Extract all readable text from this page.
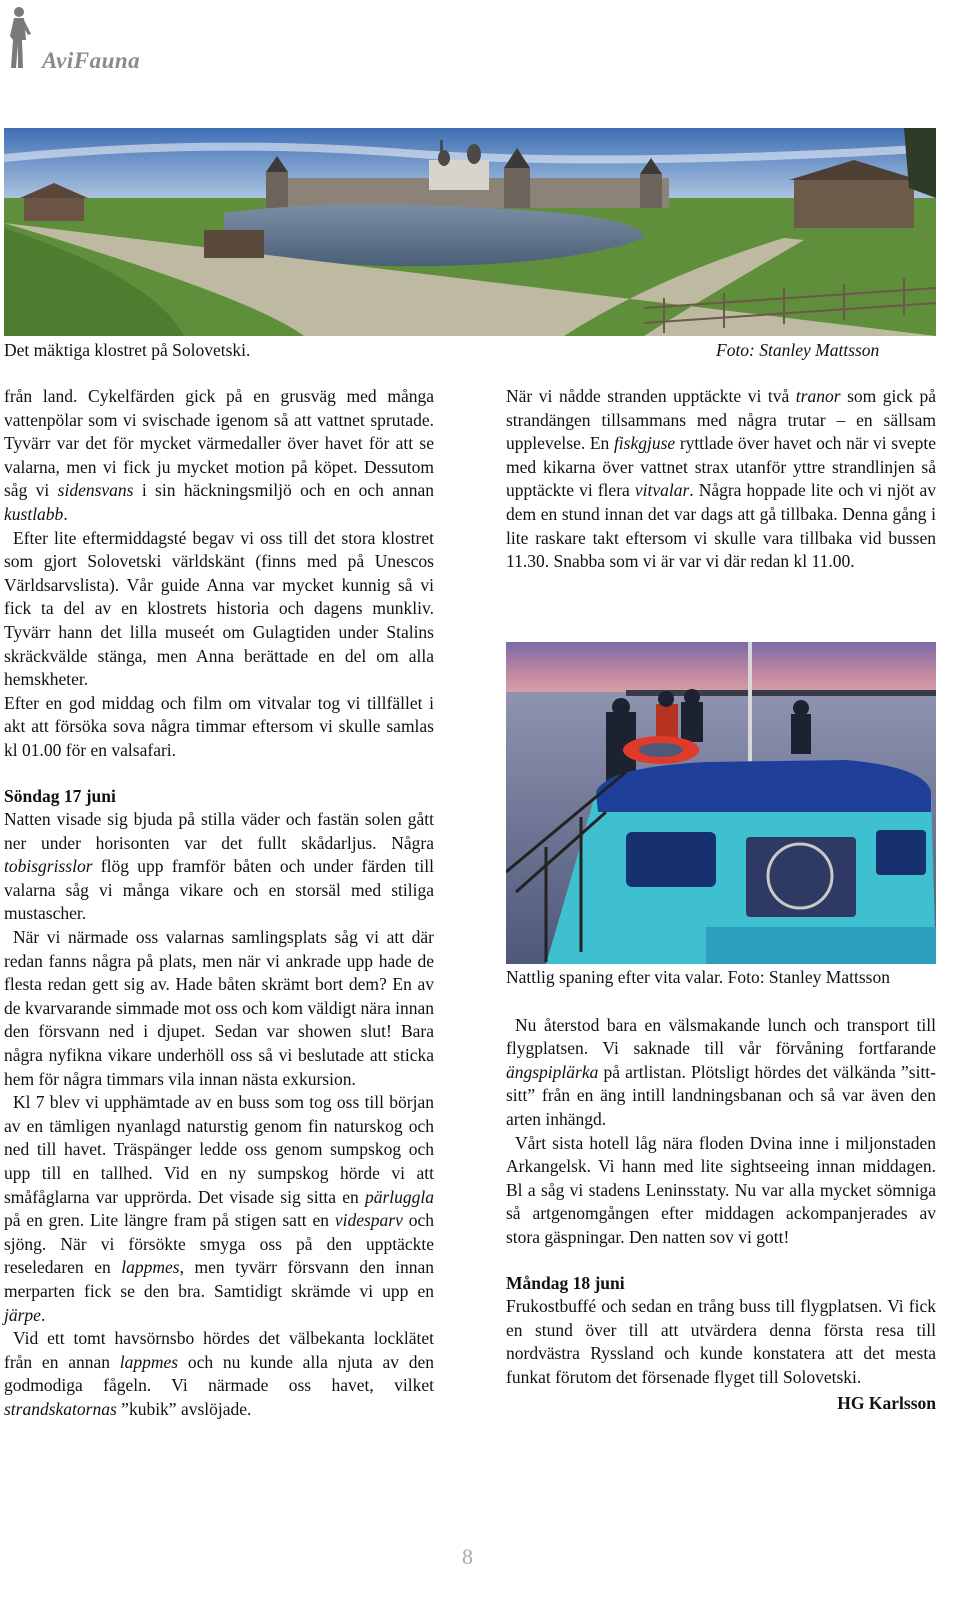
AviFauna
Det mäktiga klostret på Solovetski.	Foto: Stanley Mattsson

från land. Cykelfärden gick på en grusväg med många vattenpölar som vi svischade igenom så att vattnet sprutade. Tyvärr var det för mycket värmedaller över havet för att se valarna, men vi fick ju mycket motion på köpet. Dessutom såg vi sidensvans i sin häckningsmiljö och en och annan kustlabb.

Efter lite eftermiddagsté begav vi oss till det stora klostret som gjort Solovetski världskänt (finns med på Unescos Världsarvslista). Vår guide Anna var mycket kunnig så vi fick ta del av en klostrets historia och dagens munkliv. Tyvärr hann det lilla museét om Gulagtiden under Stalins skräckvälde stänga, men Anna berättade en del om alla hemskheter.

Efter en god middag och film om vitvalar tog vi tillfället i akt att försöka sova några timmar eftersom vi skulle samlas kl 01.00 för en valsafari.

Söndag 17 juni

Natten visade sig bjuda på stilla väder och fastän solen gått ner under horisonten var det fullt skådarljus. Några tobisgrisslor flög upp framför båten och under färden till valarna såg vi många vikare och en storsäl med stiliga mustascher.

När vi närmade oss valarnas samlingsplats såg vi att där redan fanns några på plats, men när vi ankrade upp hade de flesta redan gett sig av. Hade båten skrämt bort dem? En av de kvarvarande simmade mot oss och kom väldigt nära innan den försvann ned i djupet. Sedan var showen slut! Bara några nyfikna vikare underhöll oss så vi beslutade att sticka hem för några timmars vila innan nästa exkursion.

Kl 7 blev vi upphämtade av en buss som tog oss till början av en tämligen nyanlagd naturstig genom fin naturskog och ned till havet. Träspänger ledde oss genom sumpskog och upp till en tallhed. Vid en ny sumpskog hörde vi att småfåglarna var upprörda. Det visade sig sitta en pärluggla på en gren. Lite längre fram på stigen satt en videsparv och sjöng. När vi försökte smyga oss på den upptäckte reseledaren en lappmes, men tyvärr försvann den innan merparten fick se den bra. Samtidigt skrämde vi upp en järpe.

Vid ett tomt havsörnsbo hördes det välbekanta locklätet från en annan lappmes och nu kunde alla njuta av den godmodiga fågeln. Vi närmade oss havet, vilket strandskatornas ”kubik” avslöjade.

När vi nådde stranden upptäckte vi två tranor som gick på strandängen tillsammans med några trutar – en sällsam upplevelse. En fiskgjuse ryttlade över havet och när vi svepte med kikarna över vattnet strax utanför yttre strandlinjen så upptäckte vi flera vitvalar. Några hoppade lite och vi njöt av dem en stund innan det var dags att gå tillbaka. Denna gång i lite raskare takt eftersom vi skulle vara tillbaka vid bussen 11.30. Snabba som vi är var vi där redan kl 11.00.

Nattlig spaning efter vita valar. Foto: Stanley Mattsson

Nu återstod bara en välsmakande lunch och transport till flygplatsen. Vi saknade till vår förvåning fortfarande ängspiplärka på artlistan. Plötsligt hördes det välkända ”sitt-sitt” från en äng intill landningsbanan och så var även den arten inhängd.

Vårt sista hotell låg nära floden Dvina inne i miljonstaden Arkangelsk. Vi hann med lite sightseeing innan middagen. Bl a såg vi stadens Leninsstaty. Nu var alla mycket sömniga så artgenomgången efter middagen ackompanjerades av stora gäspningar. Den natten sov vi gott!

Måndag 18 juni

Frukostbuffé och sedan en trång buss till flygplatsen. Vi fick en stund över till att utvärdera denna första resa till nordvästra Ryssland och kunde konstatera att det mesta funkat förutom det försenade flyget till Solovetski.

HG Karlsson

8
